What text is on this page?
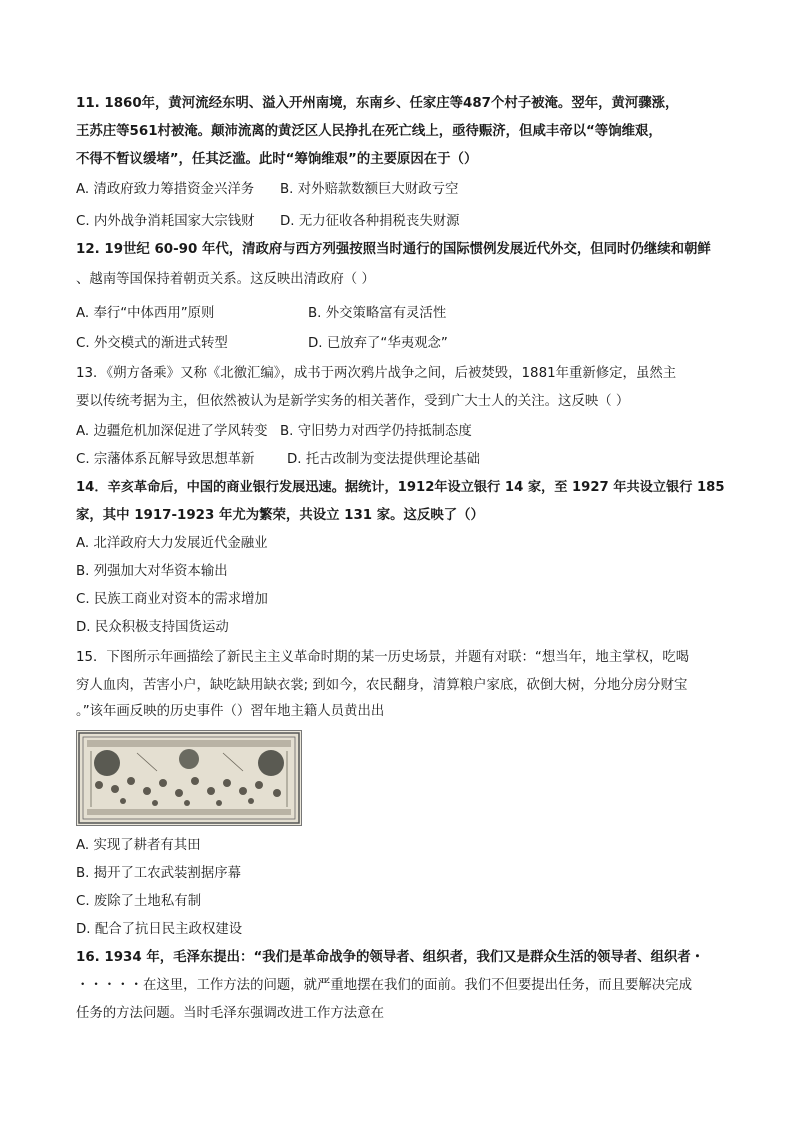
11. 1860年，黄河流经东明、溢入开州南境，东南乡、任家庄等487个村子被淹。翌年，黄河骤涨，
王苏庄等561村被淹。颠沛流离的黄泛区人民挣扎在死亡线上，亟待赈济，但咸丰帝以“等饷维艰，
不得不暂议缓堵”，任其泛滥。此时“筹饷维艰”的主要原因在于（）
A. 清政府致力筹措资金兴洋务 B. 对外赔款数额巨大财政亏空
C. 内外战争消耗国家大宗钱财 D. 无力征收各种捐税丧失财源
12. 19世纪 60-90 年代，清政府与西方列强按照当时通行的国际惯例发展近代外交，但同时仍继续和朝鲜
、越南等国保持着朝贡关系。这反映出清政府（ ）
A. 奉行“中体西用”原则	B. 外交策略富有灵活性
C. 外交模式的渐进式转型	D. 已放弃了“华夷观念”
13．《朔方备乘》又称《北徼汇编》，成书于两次鸦片战争之间，后被焚毁，1881年重新修定，虽然主
要以传统考据为主，但依然被认为是新学实务的相关著作，受到广大士人的关注。这反映（ ）
A. 边疆危机加深促进了学风转变 B. 守旧势力对西学仍持抵制态度
C. 宗藩体系瓦解导致思想革新 D. 托古改制为变法提供理论基础
14．辛亥革命后，中国的商业银行发展迅速。据统计，1912年设立银行 14 家，至 1927 年共设立银行 185
家，其中 1917-1923 年尤为繁荣，共设立 131 家。这反映了（）
A. 北洋政府大力发展近代金融业
B. 列强加大对华资本输出
C. 民族工商业对资本的需求增加
D. 民众积极支持国货运动
15．下图所示年画描绘了新民主主义革命时期的某一历史场景，并题有对联：“想当年，地主掌权，吃喝
穷人血肉，苦害小户，缺吃缺用缺衣裳; 到如今，农民翻身，清算粮户家底，砍倒大树，分地分房分财宝
。”该年画反映的历史事件（）習年地主籍人员黄出出
A. 实现了耕者有其田
B. 揭开了工农武装割据序幕
C. 废除了土地私有制
D. 配合了抗日民主政权建设
16. 1934 年，毛泽东提出：“我们是革命战争的领导者、组织者，我们又是群众生活的领导者、组织者・
・・・・・在这里，工作方法的问题，就严重地摆在我们的面前。我们不但要提出任务，而且要解决完成
任务的方法问题。当时毛泽东强调改进工作方法意在
